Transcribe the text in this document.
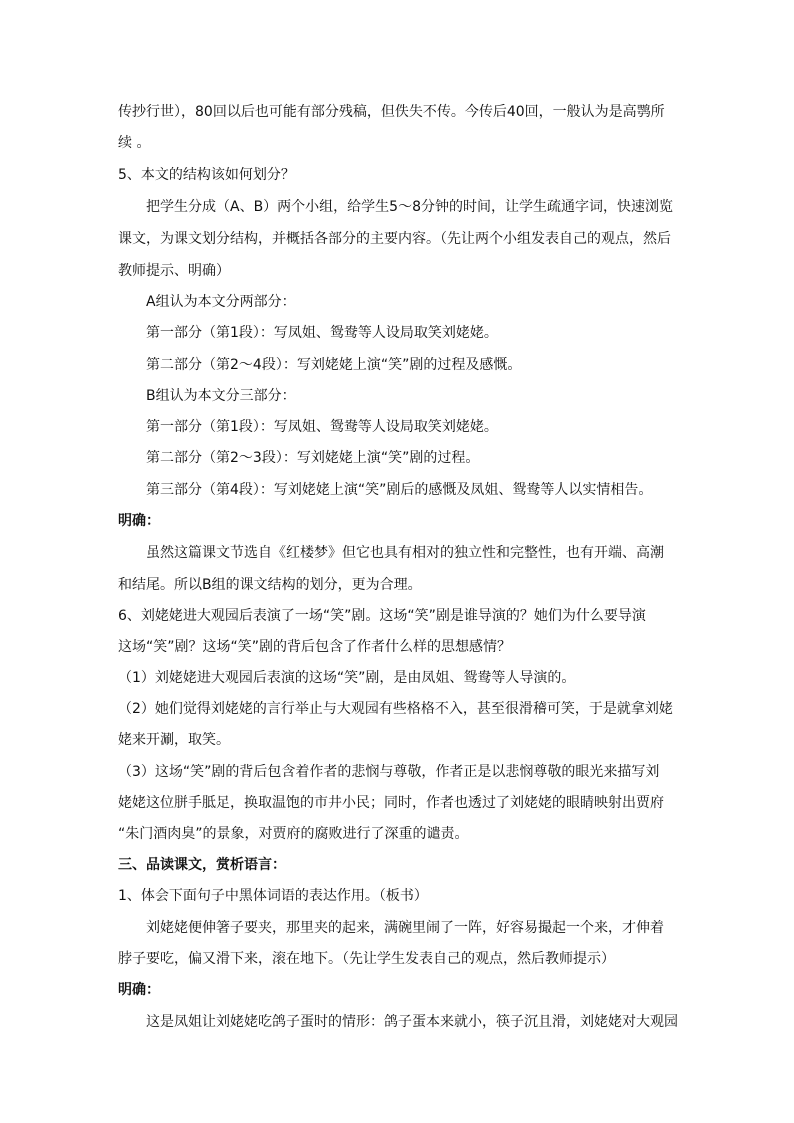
传抄行世），80回以后也可能有部分残稿，但佚失不传。今传后40回，一般认为是高鹗所
续 。
5、本文的结构该如何划分？
把学生分成（A、B）两个小组，给学生5～8分钟的时间，让学生疏通字词，快速浏览
课文，为课文划分结构，并概括各部分的主要内容。（先让两个小组发表自己的观点，然后
教师提示、明确）
A组认为本文分两部分：
第一部分（第1段）：写凤姐、鸳鸯等人设局取笑刘姥姥。
第二部分（第2～4段）：写刘姥姥上演“笑”剧的过程及感慨。
B组认为本文分三部分：
第一部分（第1段）：写凤姐、鸳鸯等人设局取笑刘姥姥。
第二部分（第2～3段）：写刘姥姥上演“笑”剧的过程。
第三部分（第4段）：写刘姥姥上演“笑”剧后的感慨及凤姐、鸳鸯等人以实情相告。
明确：
虽然这篇课文节选自《红楼梦》但它也具有相对的独立性和完整性，也有开端、高潮
和结尾。所以B组的课文结构的划分，更为合理。
6、刘姥姥进大观园后表演了一场“笑”剧。这场“笑”剧是谁导演的？她们为什么要导演
这场“笑”剧？这场“笑”剧的背后包含了作者什么样的思想感情？
（1）刘姥姥进大观园后表演的这场“笑”剧，是由凤姐、鸳鸯等人导演的。
（2）她们觉得刘姥姥的言行举止与大观园有些格格不入，甚至很滑稽可笑，于是就拿刘姥
姥来开涮，取笑。
（3）这场“笑”剧的背后包含着作者的悲悯与尊敬，作者正是以悲悯尊敬的眼光来描写刘
姥姥这位胼手胝足，换取温饱的市井小民；同时，作者也透过了刘姥姥的眼睛映射出贾府
“朱门酒肉臭”的景象，对贾府的腐败进行了深重的谴责。
三、品读课文，赏析语言：
1、体会下面句子中黑体词语的表达作用。（板书）
刘姥姥便伸箸子要夹，那里夹的起来，满碗里闹了一阵，好容易撮起一个来，才伸着
脖子要吃，偏又滑下来，滚在地下。（先让学生发表自己的观点，然后教师提示）
明确：
这是凤姐让刘姥姥吃鸽子蛋时的情形：鸽子蛋本来就小，筷子沉且滑，刘姥姥对大观园
